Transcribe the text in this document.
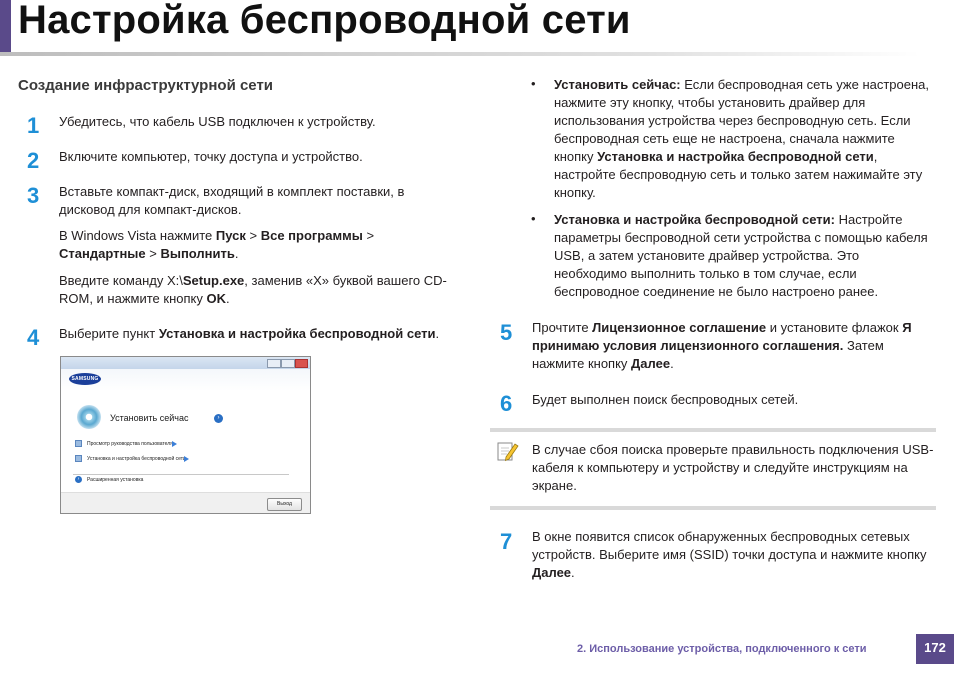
Настройка беспроводной сети
Создание инфраструктурной сети
1	Убедитесь, что кабель USB подключен к устройству.
2	Включите компьютер, точку доступа и устройство.
3	Вставьте компакт-диск, входящий в комплект поставки, в дисковод для компакт-дисков.
В Windows Vista нажмите Пуск > Все программы > Стандартные > Выполнить.
Введите команду X:\Setup.exe, заменив «X» буквой вашего CD-ROM, и нажмите кнопку OK.
4	Выберите пункт Установка и настройка беспроводной сети.
SAMSUNG
Установить сейчас	›
Просмотр руководства пользователя
Установка и настройка беспроводной сети
›	Расширенная установка
Выход
• Установить сейчас: Если беспроводная сеть уже настроена, нажмите эту кнопку, чтобы установить драйвер для использования устройства через беспроводную сеть. Если беспроводная сеть еще не настроена, сначала нажмите кнопку Установка и настройка беспроводной сети, настройте беспроводную сеть и только затем нажимайте эту кнопку.
• Установка и настройка беспроводной сети: Настройте параметры беспроводной сети устройства с помощью кабеля USB, а затем установите драйвер устройства. Это необходимо выполнить только в том случае, если беспроводное соединение не было настроено ранее.
5	Прочтите Лицензионное соглашение и установите флажок Я принимаю условия лицензионного соглашения. Затем нажмите кнопку Далее.
6	Будет выполнен поиск беспроводных сетей.
В случае сбоя поиска проверьте правильность подключения USB-кабеля к компьютеру и устройству и следуйте инструкциям на экране.
7	В окне появится список обнаруженных беспроводных сетевых устройств. Выберите имя (SSID) точки доступа и нажмите кнопку Далее.
2. Использование устройства, подключенного к сети	172
